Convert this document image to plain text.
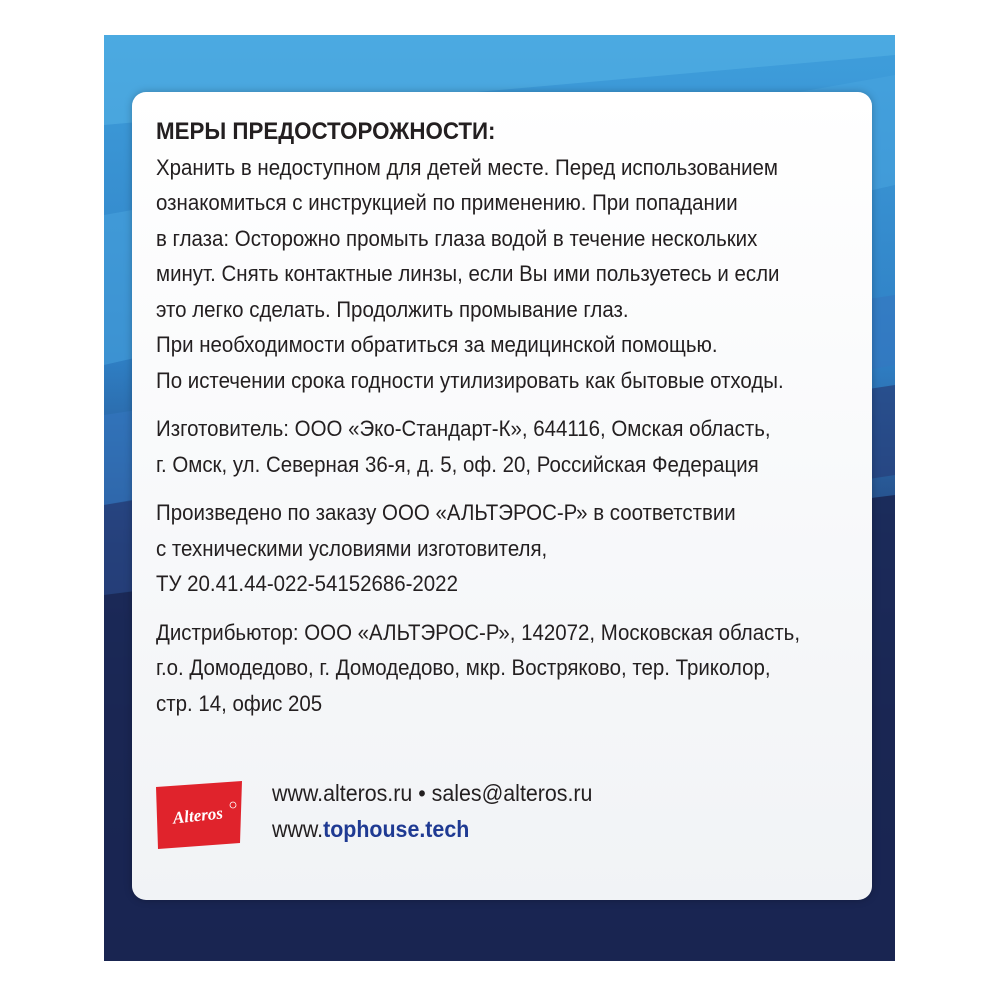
МЕРЫ ПРЕДОСТОРОЖНОСТИ:

Хранить в недоступном для детей месте. Перед использованием
ознакомиться с инструкцией по применению. При попадании
в глаза: Осторожно промыть глаза водой в течение нескольких
минут. Снять контактные линзы, если Вы ими пользуетесь и если
это легко сделать. Продолжить промывание глаз.
При необходимости обратиться за медицинской помощью.
По истечении срока годности утилизировать как бытовые отходы.
Изготовитель: ООО «Эко-Стандарт-К», 644116, Омская область,
г. Омск, ул. Северная 36-я, д. 5, оф. 20, Российская Федерация
Произведено по заказу ООО «АЛЬТЭРОС-Р» в соответствии
с техническими условиями изготовителя,
ТУ 20.41.44-022-54152686-2022
Дистрибьютор: ООО «АЛЬТЭРОС-Р», 142072, Московская область,
г.о. Домодедово, г. Домодедово, мкр. Востряково, тер. Триколор,
стр. 14, офис 205
Alteros
www.alteros.ru • sales@alteros.ru
www.tophouse.tech
